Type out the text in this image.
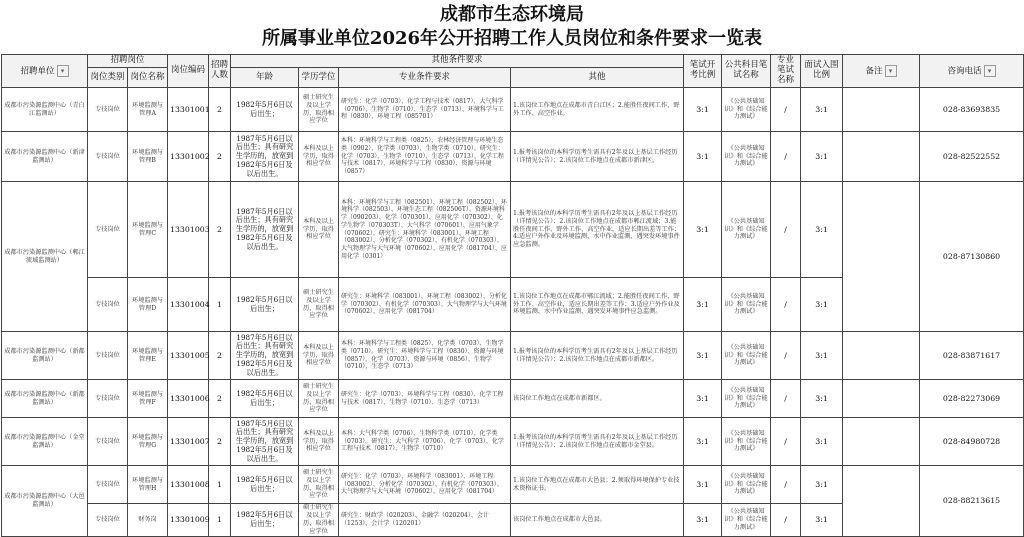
成都市生态环境局
所属事业单位2026年公开招聘工作人员岗位和条件要求一览表
招聘单位 ▾	招聘岗位		岗位编码	招聘人数	其他条件要求				笔试开考比例	公共科目笔试名称	专业笔试名称	面试入围比例	备注 ▾	咨询电话 ▾
	岗位类别	岗位名称			年龄	学历学位	专业条件要求	其他						
成都市污染源监测中心（青白江监测站）	专技岗位	环境监测与管理A	13301001	2	1982年5月6日以后出生；	硕士研究生及以上学历，取得相应学位	研究生：化学（0703）、化学工程与技术（0817）、大气科学（0706）、生物学（0710）、生态学（0713）、环境科学与工程（0830）、环境工程（085701）	1.该岗位工作地点在成都市青白江区；2.能胜任夜间工作、野外工作、高空作业。	3:1	《公共基础知识》和《综合能力测试》	/	3:1		028-83693835
成都市污染源监测中心（新津监测站）	专技岗位	环境监测与管理B	13301002	2	1987年5月6日以后出生；具有研究生学历的，放宽到1982年5月6日及以后出生。	本科及以上学历，取得相应学位	本科：环境科学与工程类（0825）、农林经济管理与环境生态类（0902）、化学类（0703）、生物学类（0710）。研究生：化学（0703）、生物学（0710）、生态学（0713）、化学工程与技术（0817）、环境科学与工程（0830）、资源与环境（0857）	1.报考该岗位的本科学历考生需具有2年及以上基层工作经历（详情见公告）；2.该岗位工作地点在成都市新津区。	3:1	《公共基础知识》和《综合能力测试》	/	3:1		028-82522552
成都市污染源监测中心（郫江流域监测站）	专技岗位	环境监测与管理C	13301003	2	1987年5月6日以后出生；具有研究生学历的，放宽到1982年5月6日及以后出生。	本科及以上学历，取得相应学位	本科：环境科学与工程（082501）、环境工程（082502）、环境科学（082503）、环境生态工程（082506T）、资源环境科学（090203）、化学（070301）、应用化学（070302）、化学生物学（070303T）、大气科学（070601）、应用气象学（070602）。研究生：环境科学（083001）、环境工程（083002）、分析化学（070302）、有机化学（070303）、大气物理学与大气环境（070602）、应用化学（081704）、应用化学（0301）	1.报考该岗位的本科学历考生需具有2年及以上基层工作经历（详情见公告）；2.该岗位工作地点在成都市郫江流域；3.能胜任夜间工作、野外工作、高空作业，适应长期出差等工作；4.适应户外作业及环境监测、水中作业监测、遇突发环境事件应急监测。	3:1	《公共基础知识》和《综合能力测试》	/	3:1		028-87130860
	专技岗位	环境监测与管理D	13301004	1	1982年5月6日以后出生；	硕士研究生及以上学历，取得相应学位	研究生：环境科学（083001）、环境工程（083002）、分析化学（070302）、有机化学（070303）、大气物理学与大气环境（070602）、应用化学（081704）	1.该岗位工作地点在成都市郫江流域；2.能胜任夜间工作、野外工作、高空作业，适应长期出差等工作；3.适应户外作业及环境监测、水中作业监测、遇突发环境事件应急监测。	3:1	《公共基础知识》和《综合能力测试》	/	3:1		
成都市污染源监测中心（新都监测站）	专技岗位	环境监测与管理E	13301005	2	1987年5月6日以后出生；具有研究生学历的，放宽到1982年5月6日及以后出生。	本科及以上学历，取得相应学位	本科：环境科学与工程类（0825）、化学类（0703）、生物学类（0710）。研究生：环境科学与工程（0830）、资源与环境（0857）、化学（0703）、资源与环境（0856）、生物学（0710）、生态学（0713）	1.报考该岗位的本科学历考生需具有2年及以上基层工作经历（详情见公告）；2.该岗位工作地点在成都市新都区。	3:1	《公共基础知识》和《综合能力测试》	/	3:1		028-83871617
成都市污染源监测中心（新都监测站）	专技岗位	环境监测与管理F	13301006	2	1982年5月6日以后出生；	硕士研究生及以上学历，取得相应学位	研究生：化学（0703）、环境科学与工程（0830）、化学工程与技术（0817）、生物学（0710）、生态学（0713）	该岗位工作地点在成都市新都区。	3:1	《公共基础知识》和《综合能力测试》	/	3:1		028-82273069
成都市污染源监测中心（金堂监测站）	专技岗位	环境监测与管理G	13301007	2	1987年5月6日以后出生；具有研究生学历的，放宽到1982年5月6日及以后出生。	本科及以上学历，取得相应学位	本科：大气科学类（0706）、生物科学类（0710）、化学类（0703）。研究生：大气科学（0706）、化学（0703）、化学工程与技术（0817）、生物学（0710）	1.报考该岗位的本科学历考生需具有2年及以上基层工作经历（详情见公告）；2.该岗位工作地点在成都市金堂县。	3:1	《公共基础知识》和《综合能力测试》	/	3:1		028-84980728
成都市污染源监测中心（大邑监测站）	专技岗位	环境监测与管理H	13301008	1	1982年5月6日以后出生；	硕士研究生及以上学历，取得相应学位	研究生：化学（0703）、环境科学（083001）、环境工程（083002）、分析化学（070302）、有机化学（070303）、大气物理学与大气环境（070602）、应用化学（081704）	1.该岗位工作地点在成都市大邑县；2.须取得环境保护专业技术资格证书。	3:1	《公共基础知识》和《综合能力测试》	/	3:1		028-88213615
	专技岗位	财务岗	13301009	1	1982年5月6日以后出生；	硕士研究生及以上学历，取得相应学位	研究生：财政学（020203）、金融学（020204）、会计（1253）、会计学（120201）	该岗位工作地点在成都市大邑县。	3:1	《公共基础知识》和《综合能力测试》	/	3:1		
